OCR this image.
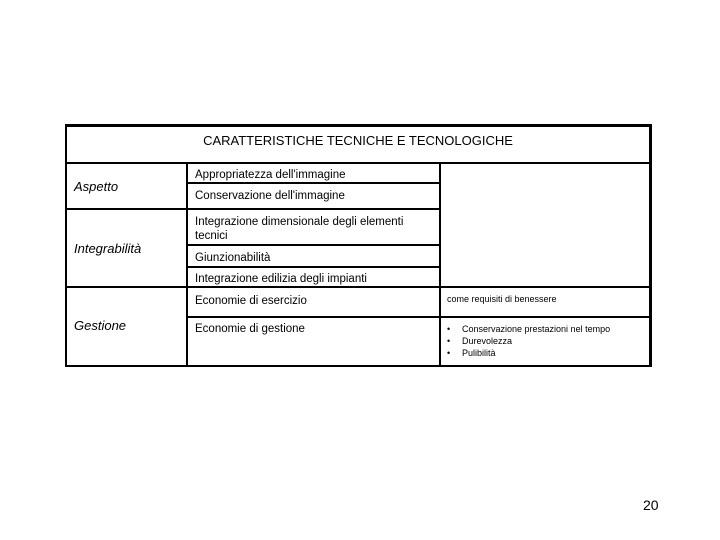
CARATTERISTICHE TECNICHE E TECNOLOGICHE
Aspetto
Appropriatezza dell'immagine
Conservazione dell'immagine
Integrabilità
Integrazione dimensionale degli elementi tecnici
Giunzionabilità
Integrazione edilizia degli impianti
Gestione
Economie di esercizio
Economie di gestione
come requisiti di benessere
• Conservazione prestazioni nel tempo
• Durevolezza
• Pulibilità
20
